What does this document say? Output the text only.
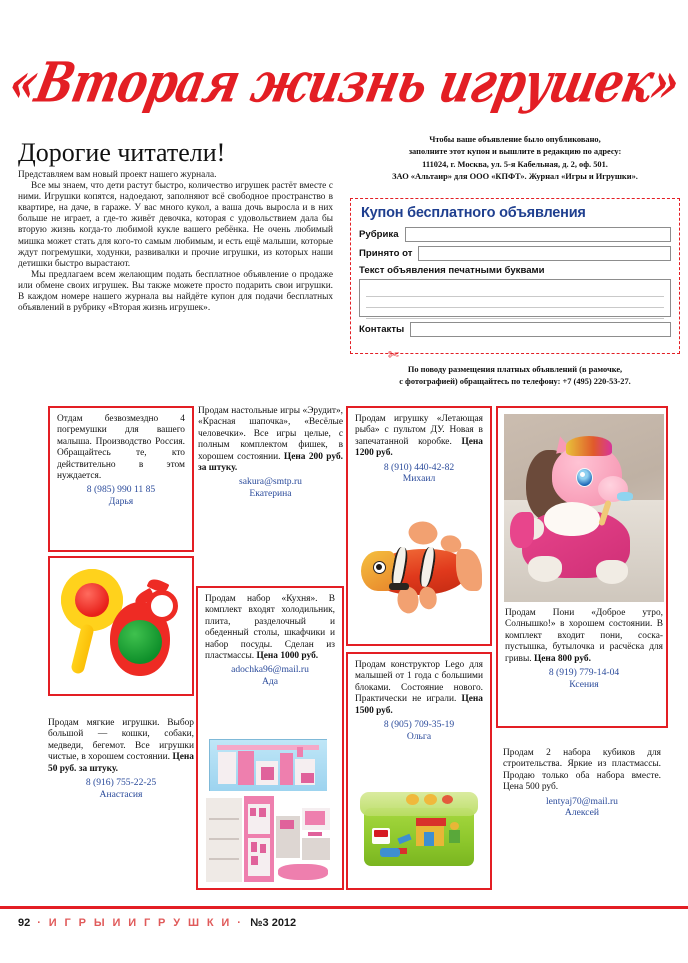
«Вторая жизнь игрушек»
Дорогие читатели!

Представляем вам новый проект нашего журнала.

Все мы знаем, что дети растут быстро, количество игрушек растёт вместе с ними. Игрушки копятся, надоедают, заполняют всё свободное пространство в квартире, на даче, в гараже. У вас много кукол, а ваша дочь выросла и в них больше не играет, а где-то живёт девочка, которая с удовольствием дала бы вторую жизнь когда-то любимой кукле вашего ребёнка. Не очень любимый мишка может стать для кого-то самым любимым, и есть ещё малыши, которые ждут погремушки, ходунки, развивалки и прочие игрушки, из которых наши детишки быстро вырастают.

Мы предлагаем всем желающим подать бесплатное объявление о продаже или обмене своих игрушек. Вы также можете просто подарить свои игрушки. В каждом номере нашего журнала вы найдёте купон для подачи бесплатных объявлений в рубрику «Вторая жизнь игрушек».

Чтобы ваше объявление было опубликовано,
заполните этот купон и вышлите в редакцию по адресу:
111024, г. Москва, ул. 5-я Кабельная, д. 2, оф. 501.
ЗАО «Альтаир» для ООО «КПФТ». Журнал «Игры и Игрушки».
Купон бесплатного объявления
Рубрика
Принято от
Текст объявления печатными буквами
Контакты
✄
По поводу размещения платных объявлений (в рамочке,
с фотографией) обращайтесь по телефону: +7 (495) 220-53-27.
Отдам безвозмездно 4 погремушки для вашего малыша. Производство Россия. Обращайтесь те, кто действительно в этом нуждается.
8 (985) 990 11 85
Дарья
Продам мягкие игрушки. Выбор большой — кошки, собаки, медведи, бегемот. Все игрушки чистые, в хорошем состоянии. Цена 50 руб. за штуку.
8 (916) 755-22-25
Анастасия
Продам настольные игры «Эрудит», «Красная шапочка», «Весёлые человечки». Все игры целые, с полным комплектом фишек, в хорошем состоянии. Цена 200 руб. за штуку.
sakura@smtp.ru
Екатерина
Продам набор «Кухня». В комплект входят холодильник, плита, разделочный и обеденный столы, шкафчики и набор посуды. Сделан из пластмассы. Цена 1000 руб.
adochka96@mail.ru
Ада
Продам игрушку «Летающая рыба» с пультом ДУ. Новая в запечатанной коробке. Цена 1200 руб.
8 (910) 440-42-82
Михаил
Продам конструктор Lego для малышей от 1 года с большими блоками. Состояние нового. Практически не играли. Цена 1500 руб.
8 (905) 709-35-19
Ольга
Продам Пони «Доброе утро, Солнышко!» в хорошем состоянии. В комплект входит пони, соска-пустышка, бутылочка и расчёска для гривы. Цена 800 руб.
8 (919) 779-14-04
Ксения
Продам 2 набора кубиков для строительства. Яркие из пластмассы. Продаю только оба набора вместе. Цена 500 руб.
lentyaj70@mail.ru
Алексей
92 · И Г Р Ы И И Г Р У Ш К И · №3 2012
